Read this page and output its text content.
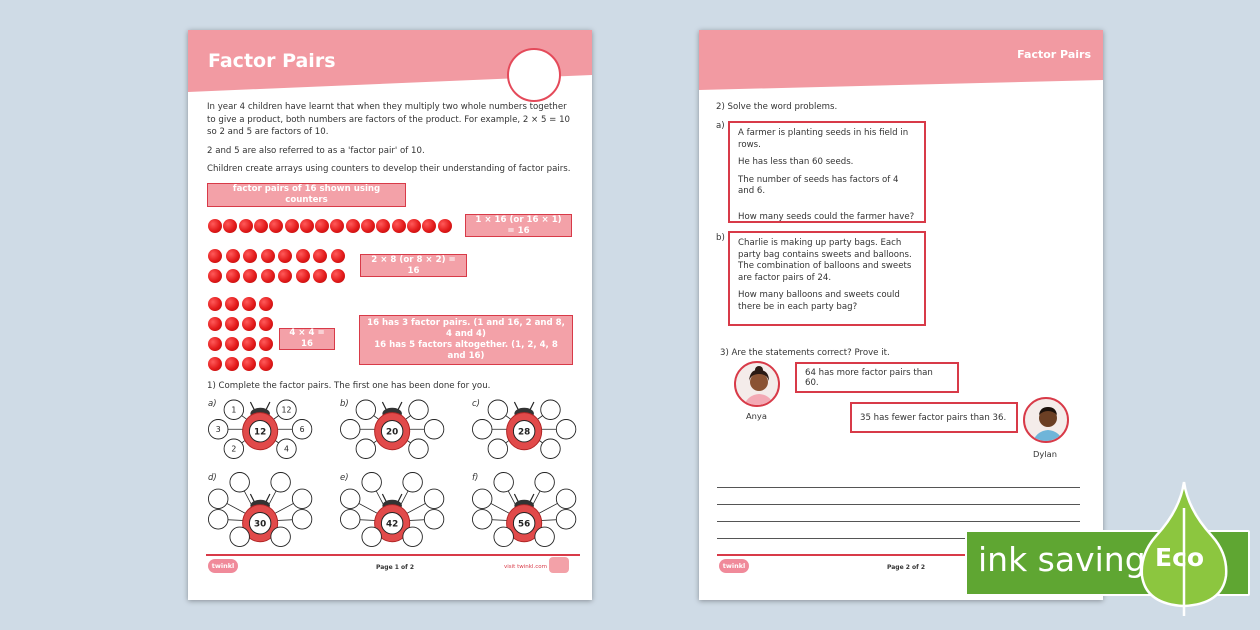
Factor Pairs

In year 4 children have learnt that when they multiply two whole numbers together to give a product, both numbers are factors of the product. For example, 2 × 5 = 10 so 2 and 5 are factors of 10.

2 and 5 are also referred to as a 'factor pair' of 10.

Children create arrays using counters to develop their understanding of factor pairs.

factor pairs of 16 shown using counters
1 × 16 (or 16 × 1) = 16
2 × 8 (or 8 × 2) = 16
4 × 4 = 16
16 has 3 factor pairs. (1 and 16, 2 and 8, 4 and 4)
16 has 5 factors altogether. (1, 2, 4, 8 and 16)
1) Complete the factor pairs. The first one has been done for you.
a)
12
1	12
3	6
2	4
b)
20
c)
28
d)
30
e)
42
f)
56
twinkl	Page 1 of 2	visit twinkl.com
Factor Pairs
2) Solve the word problems.
a)

A farmer is planting seeds in his field in rows.

He has less than 60 seeds.

The number of seeds has factors of 4 and 6.

How many seeds could the farmer have?

b) Charlie is making up party bags. Each party bag contains sweets and balloons. The combination of balloons and sweets are factor pairs of 24.

How many balloons and sweets could there be in each party bag?

3) Are the statements correct? Prove it.
Anya
64 has more factor pairs than 60.
35 has fewer factor pairs than 36.
Dylan
twinkl	Page 2 of 2 ink saving Eco
